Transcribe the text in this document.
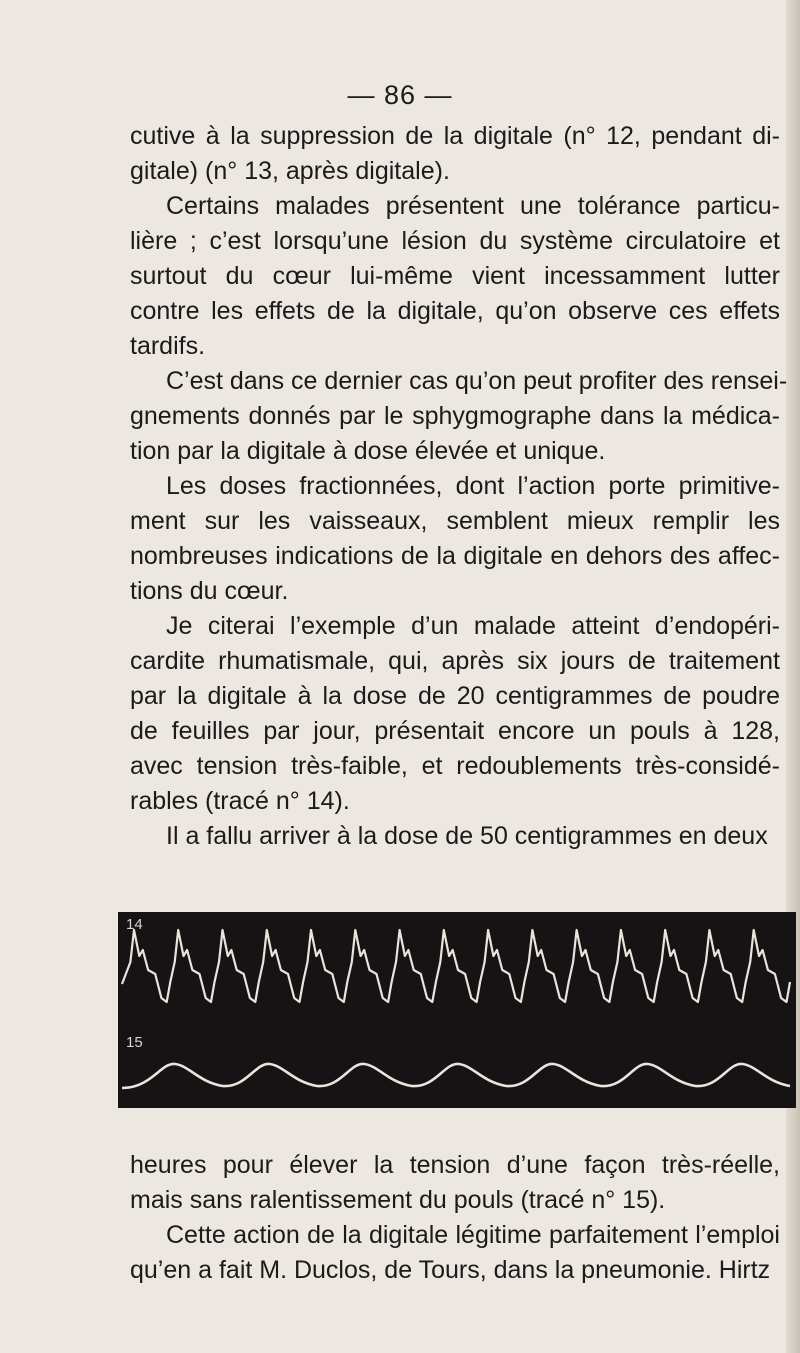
— 86 —
cutive à la suppression de la digitale (n° 12, pendant di-
gitale) (n° 13, après digitale).
Certains malades présentent une tolérance particu-
lière ; c’est lorsqu’une lésion du système circulatoire et
surtout du cœur lui-même vient incessamment lutter
contre les effets de la digitale, qu’on observe ces effets
tardifs.
C’est dans ce dernier cas qu’on peut profiter des rensei-
gnements donnés par le sphygmographe dans la médica-
tion par la digitale à dose élevée et unique.
Les doses fractionnées, dont l’action porte primitive-
ment sur les vaisseaux, semblent mieux remplir les
nombreuses indications de la digitale en dehors des affec-
tions du cœur.
Je citerai l’exemple d’un malade atteint d’endopéri-
cardite rhumatismale, qui, après six jours de traitement
par la digitale à la dose de 20 centigrammes de poudre
de feuilles par jour, présentait encore un pouls à 128,
avec tension très-faible, et redoublements très-considé-
rables (tracé n° 14).
Il a fallu arriver à la dose de 50 centigrammes en deux
14
15
heures pour élever la tension d’une façon très-réelle,
mais sans ralentissement du pouls (tracé n° 15).
Cette action de la digitale légitime parfaitement l’emploi
qu’en a fait M. Duclos, de Tours, dans la pneumonie. Hirtz
